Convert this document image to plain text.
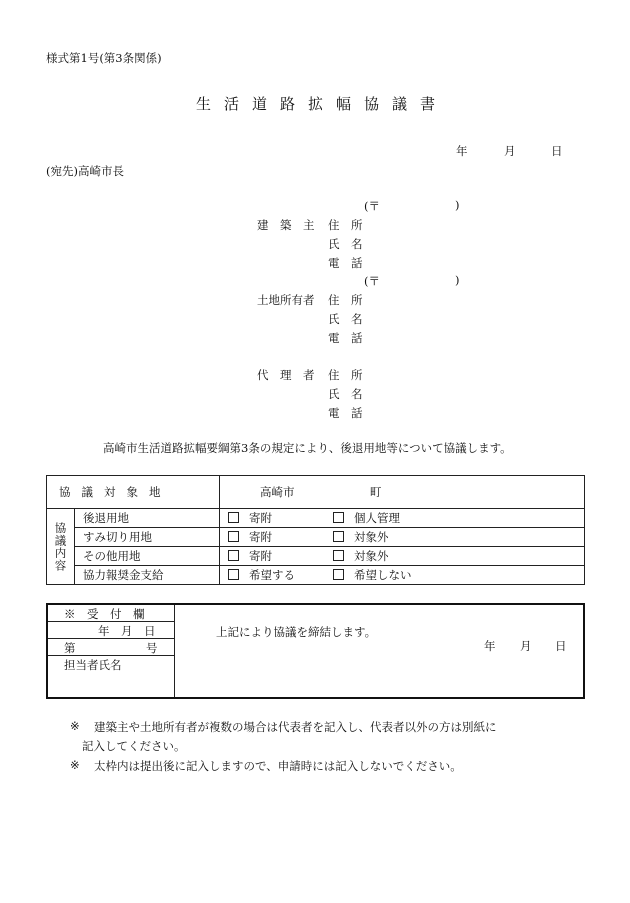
様式第1号(第3条関係)
生活道路拡幅協議書
年	月	日
(宛先)高崎市長
(〒	)
建　築　主 住　所
氏　名
電　話
(〒	)
土地所有者 住　所
氏　名
電　話
代　理　者 住　所
氏　名
電　話
高崎市生活道路拡幅要綱第3条の規定により、後退用地等について協議します。
協議対象地		高崎市 町
協議内容	後退用地	寄附 個人管理
	すみ切り用地	寄附 対象外
	その他用地	寄附 対象外
	協力報奨金支給	希望する 希望しない
※　受　付　欄
年　月　日
第	号
担当者氏名
上記により協議を締結します。
年 月 日
※ 建築主や土地所有者が複数の場合は代表者を記入し、代表者以外の方は別紙に
記入してください。
※ 太枠内は提出後に記入しますので、申請時には記入しないでください。
